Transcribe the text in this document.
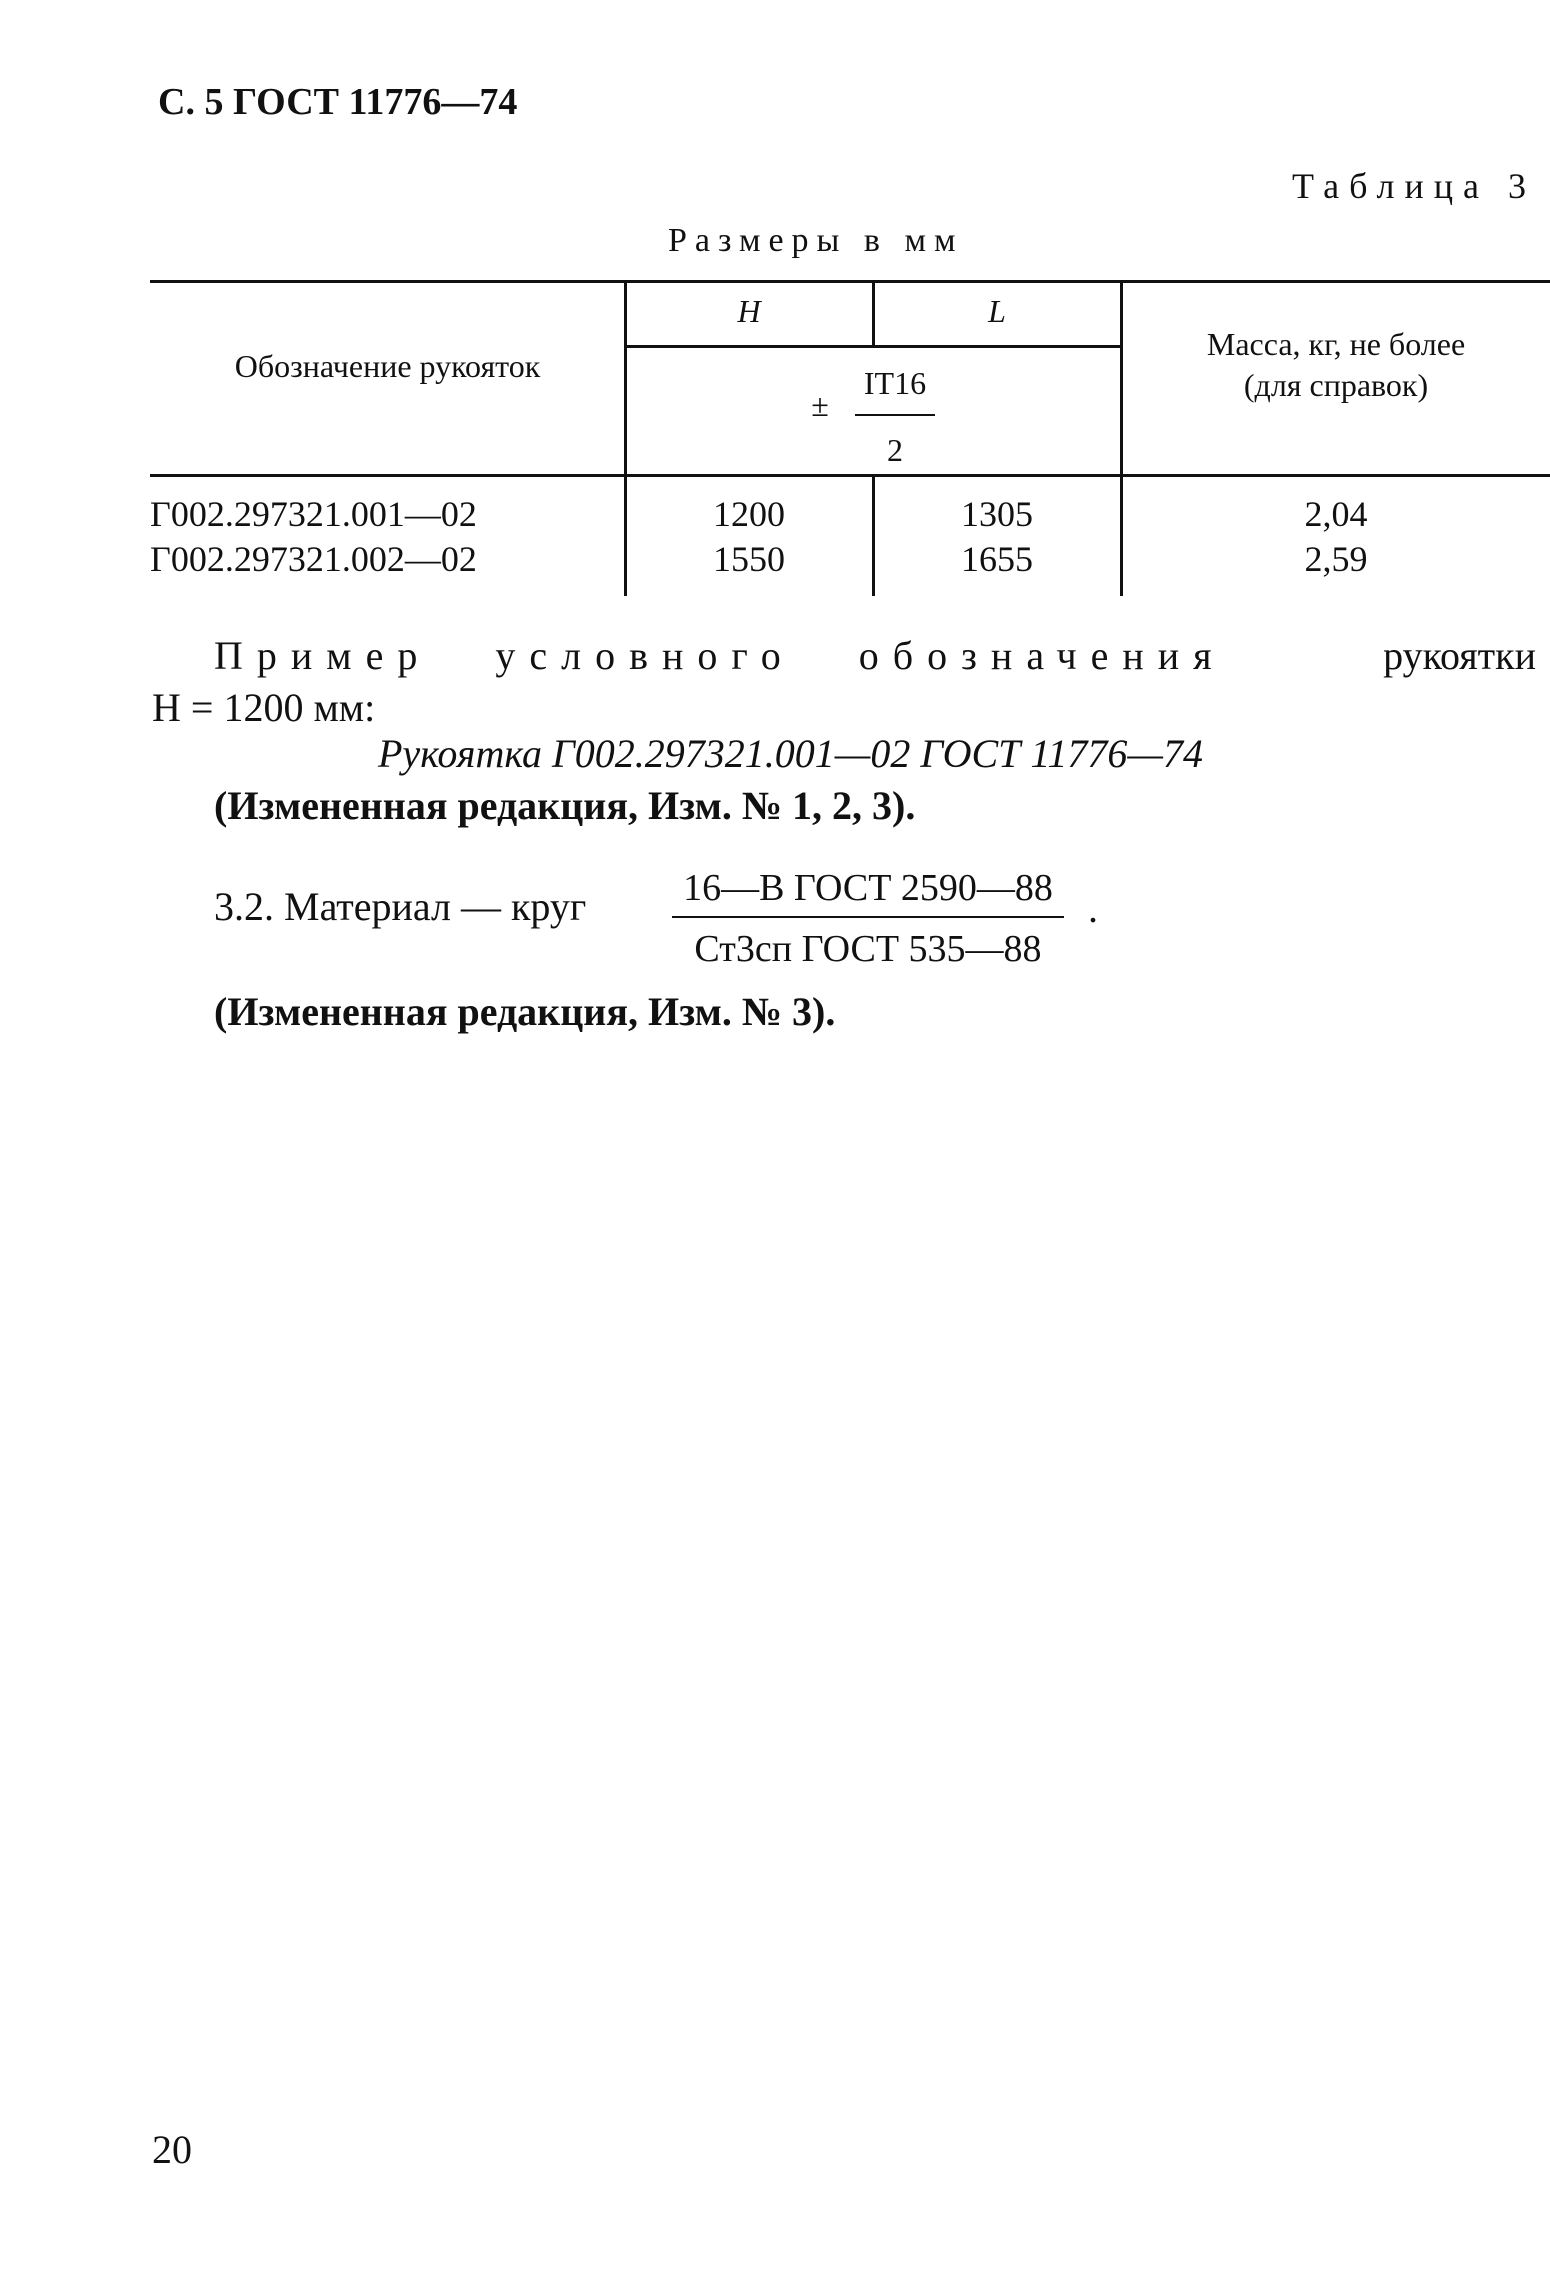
С. 5 ГОСТ 11776—74
Таблица 3
Размеры в мм
Обозначение рукояток
H	L
±
IT16
2
Масса, кг, не более
(для справок)
Г002.297321.001—02	1200	1305	2,04
Г002.297321.002—02	1550	1655	2,59
Пример условного обозначения	рукоятки
H = 1200 мм:
Рукоятка Г002.297321.001—02 ГОСТ 11776—74
(Измененная редакция, Изм. № 1, 2, 3).
3.2. Материал — круг	16—В ГОСТ 2590—88
Ст3сп ГОСТ 535—88
.
(Измененная редакция, Изм. № 3).
20
